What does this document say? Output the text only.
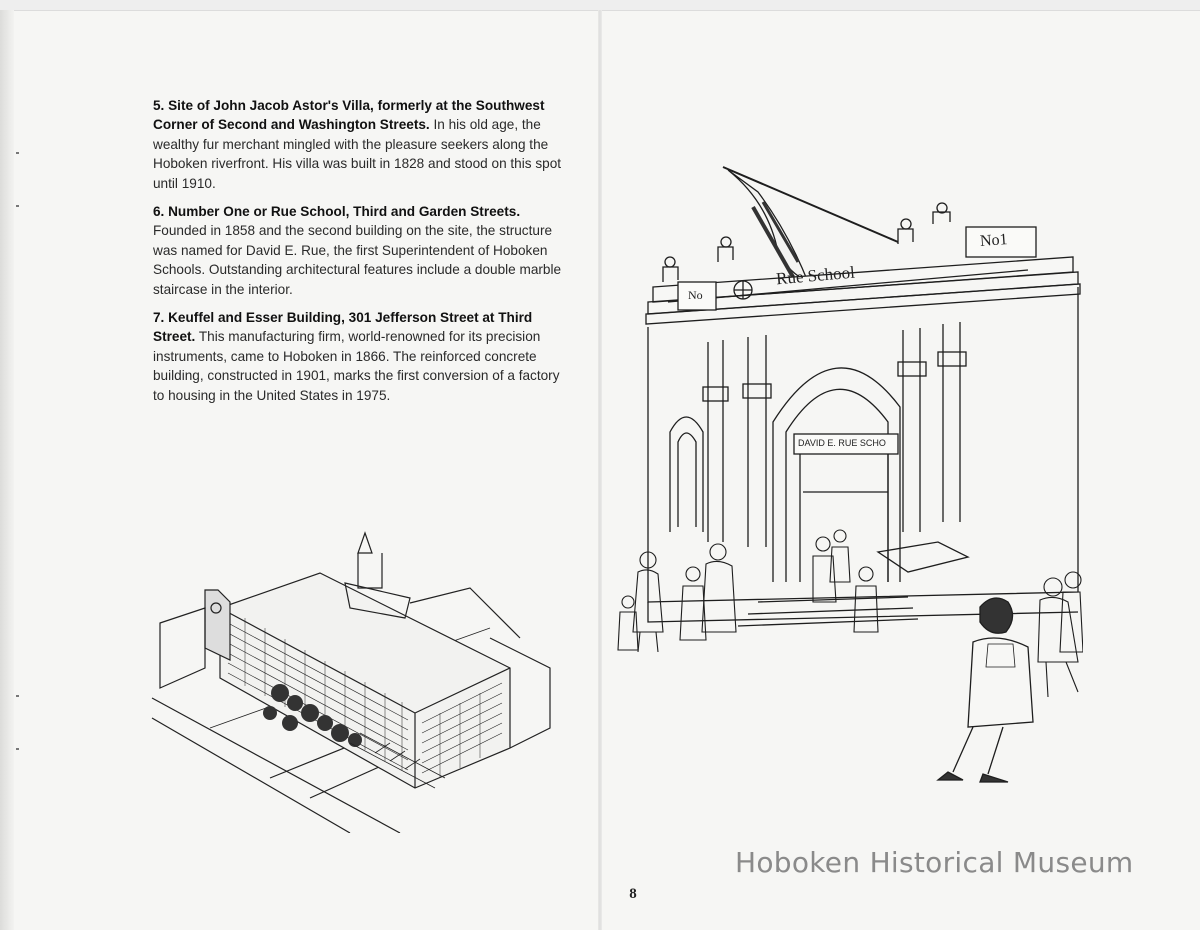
5. Site of John Jacob Astor's Villa, formerly at the Southwest Corner of Second and Washington Streets. In his old age, the wealthy fur merchant mingled with the pleasure seekers along the Hoboken riverfront. His villa was built in 1828 and stood on this spot until 1910.

6. Number One or Rue School, Third and Garden Streets. Founded in 1858 and the second building on the site, the structure was named for David E. Rue, the first Superintendent of Hoboken Schools. Outstanding architectural features include a double marble staircase in the interior.

7. Keuffel and Esser Building, 301 Jefferson Street at Third Street. This manufacturing firm, world-renowned for its precision instruments, came to Hoboken in 1866. The reinforced concrete building, constructed in 1901, marks the first conversion of a factory to housing in the United States in 1975.

No
Rue School
No1
DAVID E. RUE SCHO
8
Hoboken Historical Museum
